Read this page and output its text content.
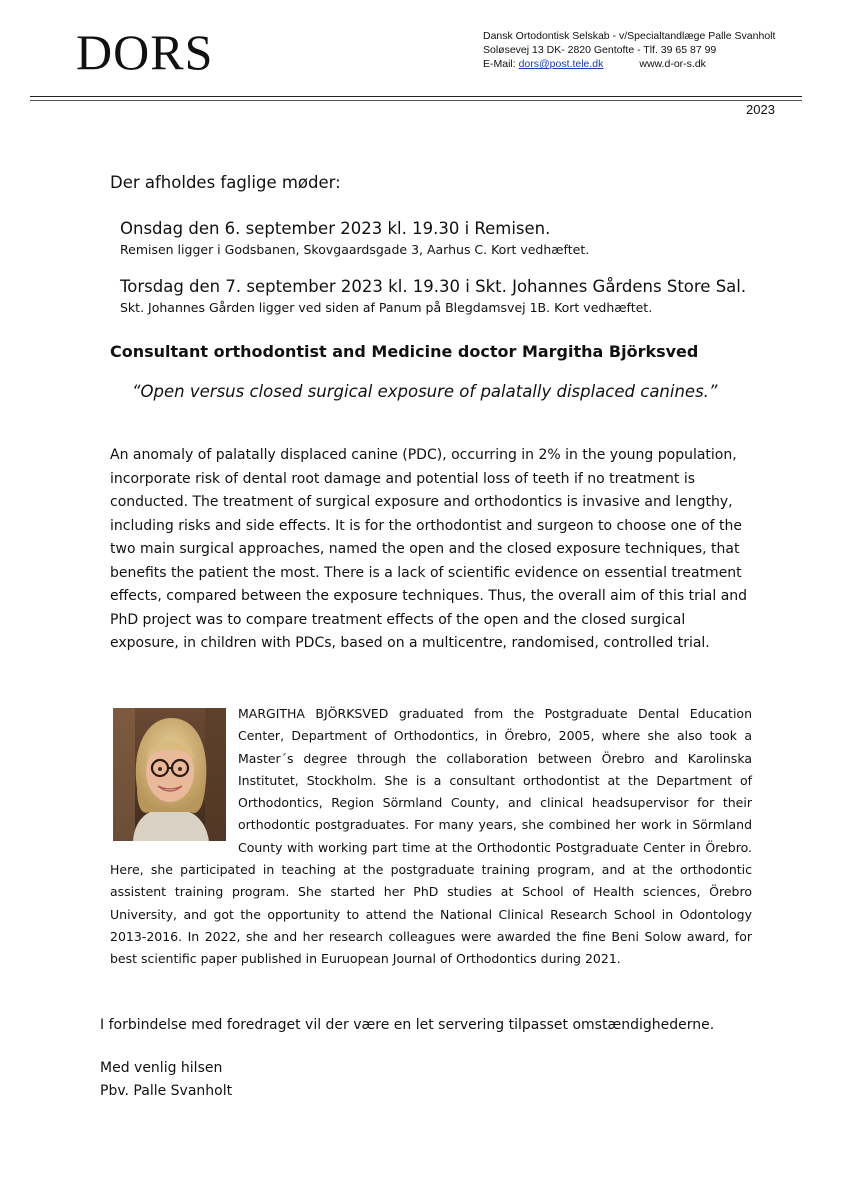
DORS	Dansk Ortodontisk Selskab - v/Specialtandlæge Palle Svanholt
Soløsevej 13 DK- 2820 Gentofte - Tlf. 39 65 87 99
E-Mail: dors@post.tele.dk	www.d-or-s.dk
2023
Der afholdes faglige møder:
Onsdag den 6. september 2023 kl. 19.30 i Remisen.
Remisen ligger i Godsbanen, Skovgaardsgade 3, Aarhus C. Kort vedhæftet.
Torsdag den 7. september 2023 kl. 19.30 i Skt. Johannes Gårdens Store Sal.
Skt. Johannes Gården ligger ved siden af Panum på Blegdamsvej 1B. Kort vedhæftet.
Consultant orthodontist and Medicine doctor Margitha Björksved
“Open versus closed surgical exposure of palatally displaced canines.”

An anomaly of palatally displaced canine (PDC), occurring in 2% in the young population, incorporate risk of dental root damage and potential loss of teeth if no treatment is conducted. The treatment of surgical exposure and orthodontics is invasive and lengthy, including risks and side effects. It is for the orthodontist and surgeon to choose one of the two main surgical approaches, named the open and the closed exposure techniques, that benefits the patient the most. There is a lack of scientific evidence on essential treatment effects, compared between the exposure techniques. Thus, the overall aim of this trial and PhD project was to compare treatment effects of the open and the closed surgical exposure, in children with PDCs, based on a multicentre, randomised, controlled trial.

MARGITHA BJÖRKSVED graduated from the Postgraduate Dental Education Center, Department of Orthodontics, in Örebro, 2005, where she also took a Master´s degree through the collaboration between Örebro and Karolinska Institutet, Stockholm. She is a consultant orthodontist at the Department of Orthodontics, Region Sörmland County, and clinical headsupervisor for their orthodontic postgraduates. For many years, she combined her work in Sörmland County with working part time at the Orthodontic Postgraduate Center in Örebro. Here, she participated in teaching at the postgraduate training program, and at the orthodontic assistent training program. She started her PhD studies at School of Health sciences, Örebro University, and got the opportunity to attend the National Clinical Research School in Odontology 2013-2016. In 2022, she and her research colleagues were awarded the fine Beni Solow award, for best scientific paper published in Euruopean Journal of Orthodontics during 2021.

I forbindelse med foredraget vil der være en let servering tilpasset omstændighederne.
Med venlig hilsen
Pbv. Palle Svanholt
